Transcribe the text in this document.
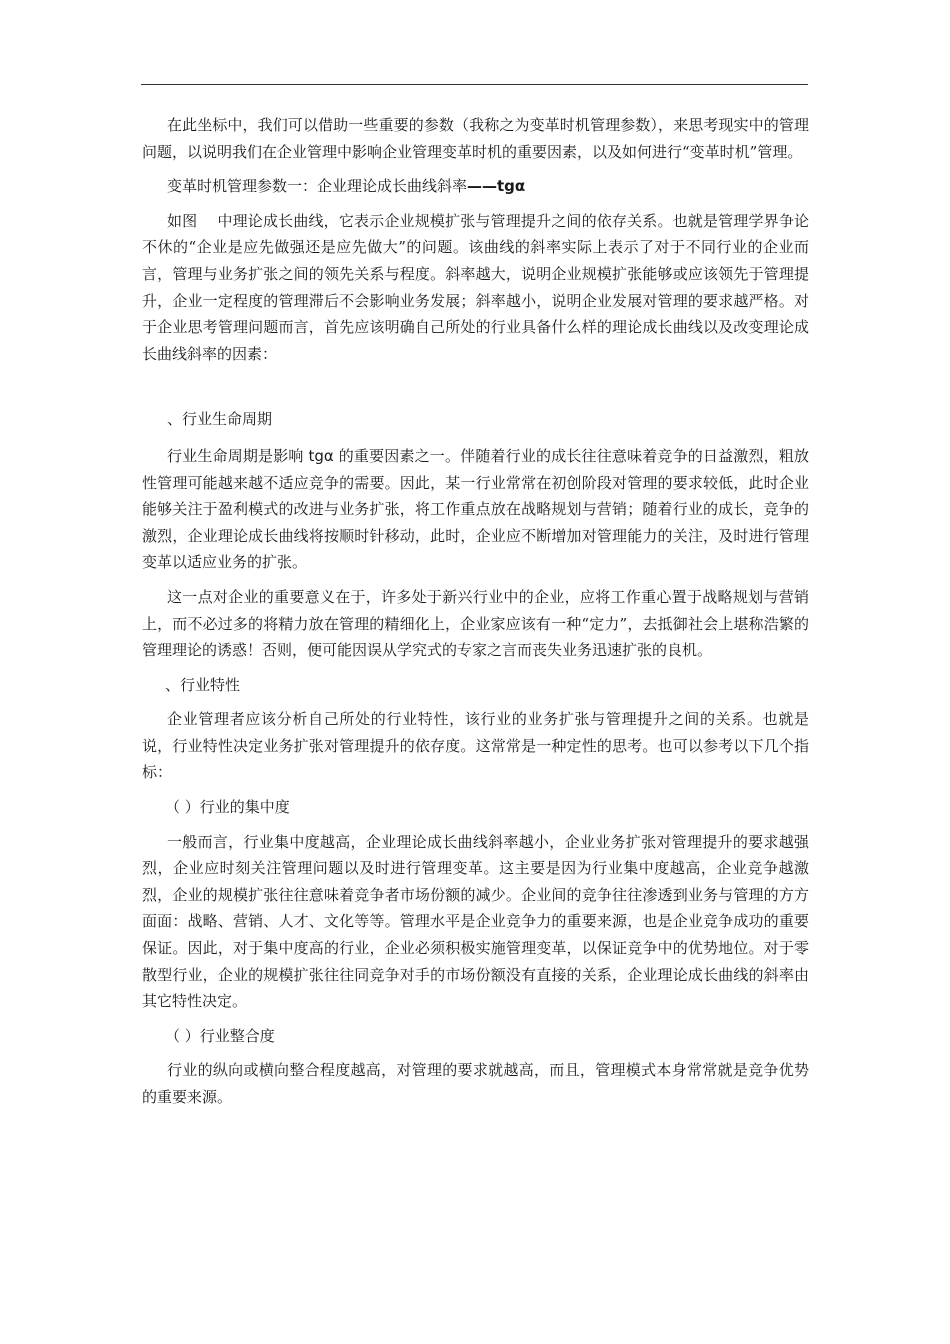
在此坐标中，我们可以借助一些重要的参数（我称之为变革时机管理参数），来思考现实中的管理问题，以说明我们在企业管理中影响企业管理变革时机的重要因素，以及如何进行“变革时机”管理。

变革时机管理参数一：企业理论成长曲线斜率——tgα

如图　 中理论成长曲线，它表示企业规模扩张与管理提升之间的依存关系。也就是管理学界争论不休的“企业是应先做强还是应先做大”的问题。该曲线的斜率实际上表示了对于不同行业的企业而言，管理与业务扩张之间的领先关系与程度。斜率越大，说明企业规模扩张能够或应该领先于管理提升，企业一定程度的管理滞后不会影响业务发展；斜率越小，说明企业发展对管理的要求越严格。对于企业思考管理问题而言，首先应该明确自己所处的行业具备什么样的理论成长曲线以及改变理论成长曲线斜率的因素：

、行业生命周期

行业生命周期是影响 tgα 的重要因素之一。伴随着行业的成长往往意味着竞争的日益激烈，粗放性管理可能越来越不适应竞争的需要。因此，某一行业常常在初创阶段对管理的要求较低，此时企业能够关注于盈利模式的改进与业务扩张，将工作重点放在战略规划与营销；随着行业的成长，竞争的激烈，企业理论成长曲线将按顺时针移动，此时，企业应不断增加对管理能力的关注，及时进行管理变革以适应业务的扩张。

这一点对企业的重要意义在于，许多处于新兴行业中的企业，应将工作重心置于战略规划与营销上，而不必过多的将精力放在管理的精细化上，企业家应该有一种“定力”，去抵御社会上堪称浩繁的管理理论的诱惑！否则，便可能因误从学究式的专家之言而丧失业务迅速扩张的良机。

、行业特性

企业管理者应该分析自己所处的行业特性，该行业的业务扩张与管理提升之间的关系。也就是说，行业特性决定业务扩张对管理提升的依存度。这常常是一种定性的思考。也可以参考以下几个指标：

（ ）行业的集中度

一般而言，行业集中度越高，企业理论成长曲线斜率越小，企业业务扩张对管理提升的要求越强烈，企业应时刻关注管理问题以及时进行管理变革。这主要是因为行业集中度越高，企业竞争越激烈，企业的规模扩张往往意味着竞争者市场份额的减少。企业间的竞争往往渗透到业务与管理的方方面面：战略、营销、人才、文化等等。管理水平是企业竞争力的重要来源，也是企业竞争成功的重要保证。因此，对于集中度高的行业，企业必须积极实施管理变革，以保证竞争中的优势地位。对于零散型行业，企业的规模扩张往往同竞争对手的市场份额没有直接的关系，企业理论成长曲线的斜率由其它特性决定。

（ ）行业整合度

行业的纵向或横向整合程度越高，对管理的要求就越高，而且，管理模式本身常常就是竞争优势的重要来源。
